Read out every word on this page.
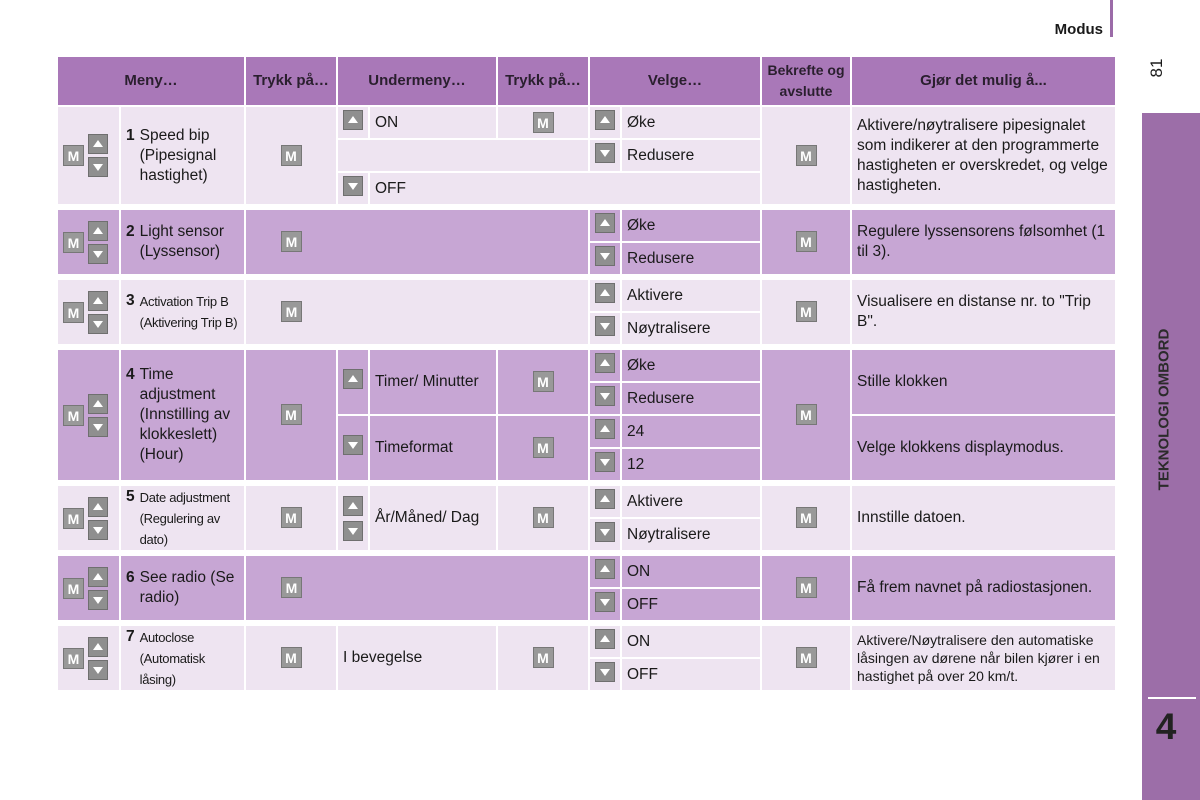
Modus
81
TEKNOLOGI OMBORD
4
Meny…		Trykk på…	Undermeny…		Trykk på…	Velge…		Bekrefte og avslutte	Gjør det mulig å...

M	1 Speed bip (Pipesignal hastighet)	M		ON	M		Øke	M	Aktivere/nøytralisere pipesignalet som indikerer at den programmerte hastigheten er overskredet, og velge hastigheten.
							Redusere		
				OFF					

M	2 Light sensor (Lyssensor)	M					Øke	M	Regulere lyssensorens følsomhet (1 til 3).
							Redusere		

M	3 Activation Trip B (Aktivering Trip B)	M					Aktivere	M	Visualisere en distanse nr. to "Trip B".
							Nøytralisere		

M	4 Time adjustment (Innstilling av klokkeslett) (Hour)	M		Timer/ Minutter	M		Øke	M	Stille klokken
							Redusere		
				Timeformat	M		24		Velge klokkens displaymodus.
							12		

M	5 Date adjustment (Regulering av dato)	M		År/Måned/ Dag	M		Aktivere	M	Innstille datoen.
							Nøytralisere		

M	6 See radio (Se radio)	M					ON	M	Få frem navnet på radiostasjonen.
							OFF		

M	7 Autoclose (Automatisk låsing)	M	I bevegelse		M		ON	M	Aktivere/Nøytralisere den automatiske låsingen av dørene når bilen kjører i en hastighet på over 20 km/t.
							OFF		
